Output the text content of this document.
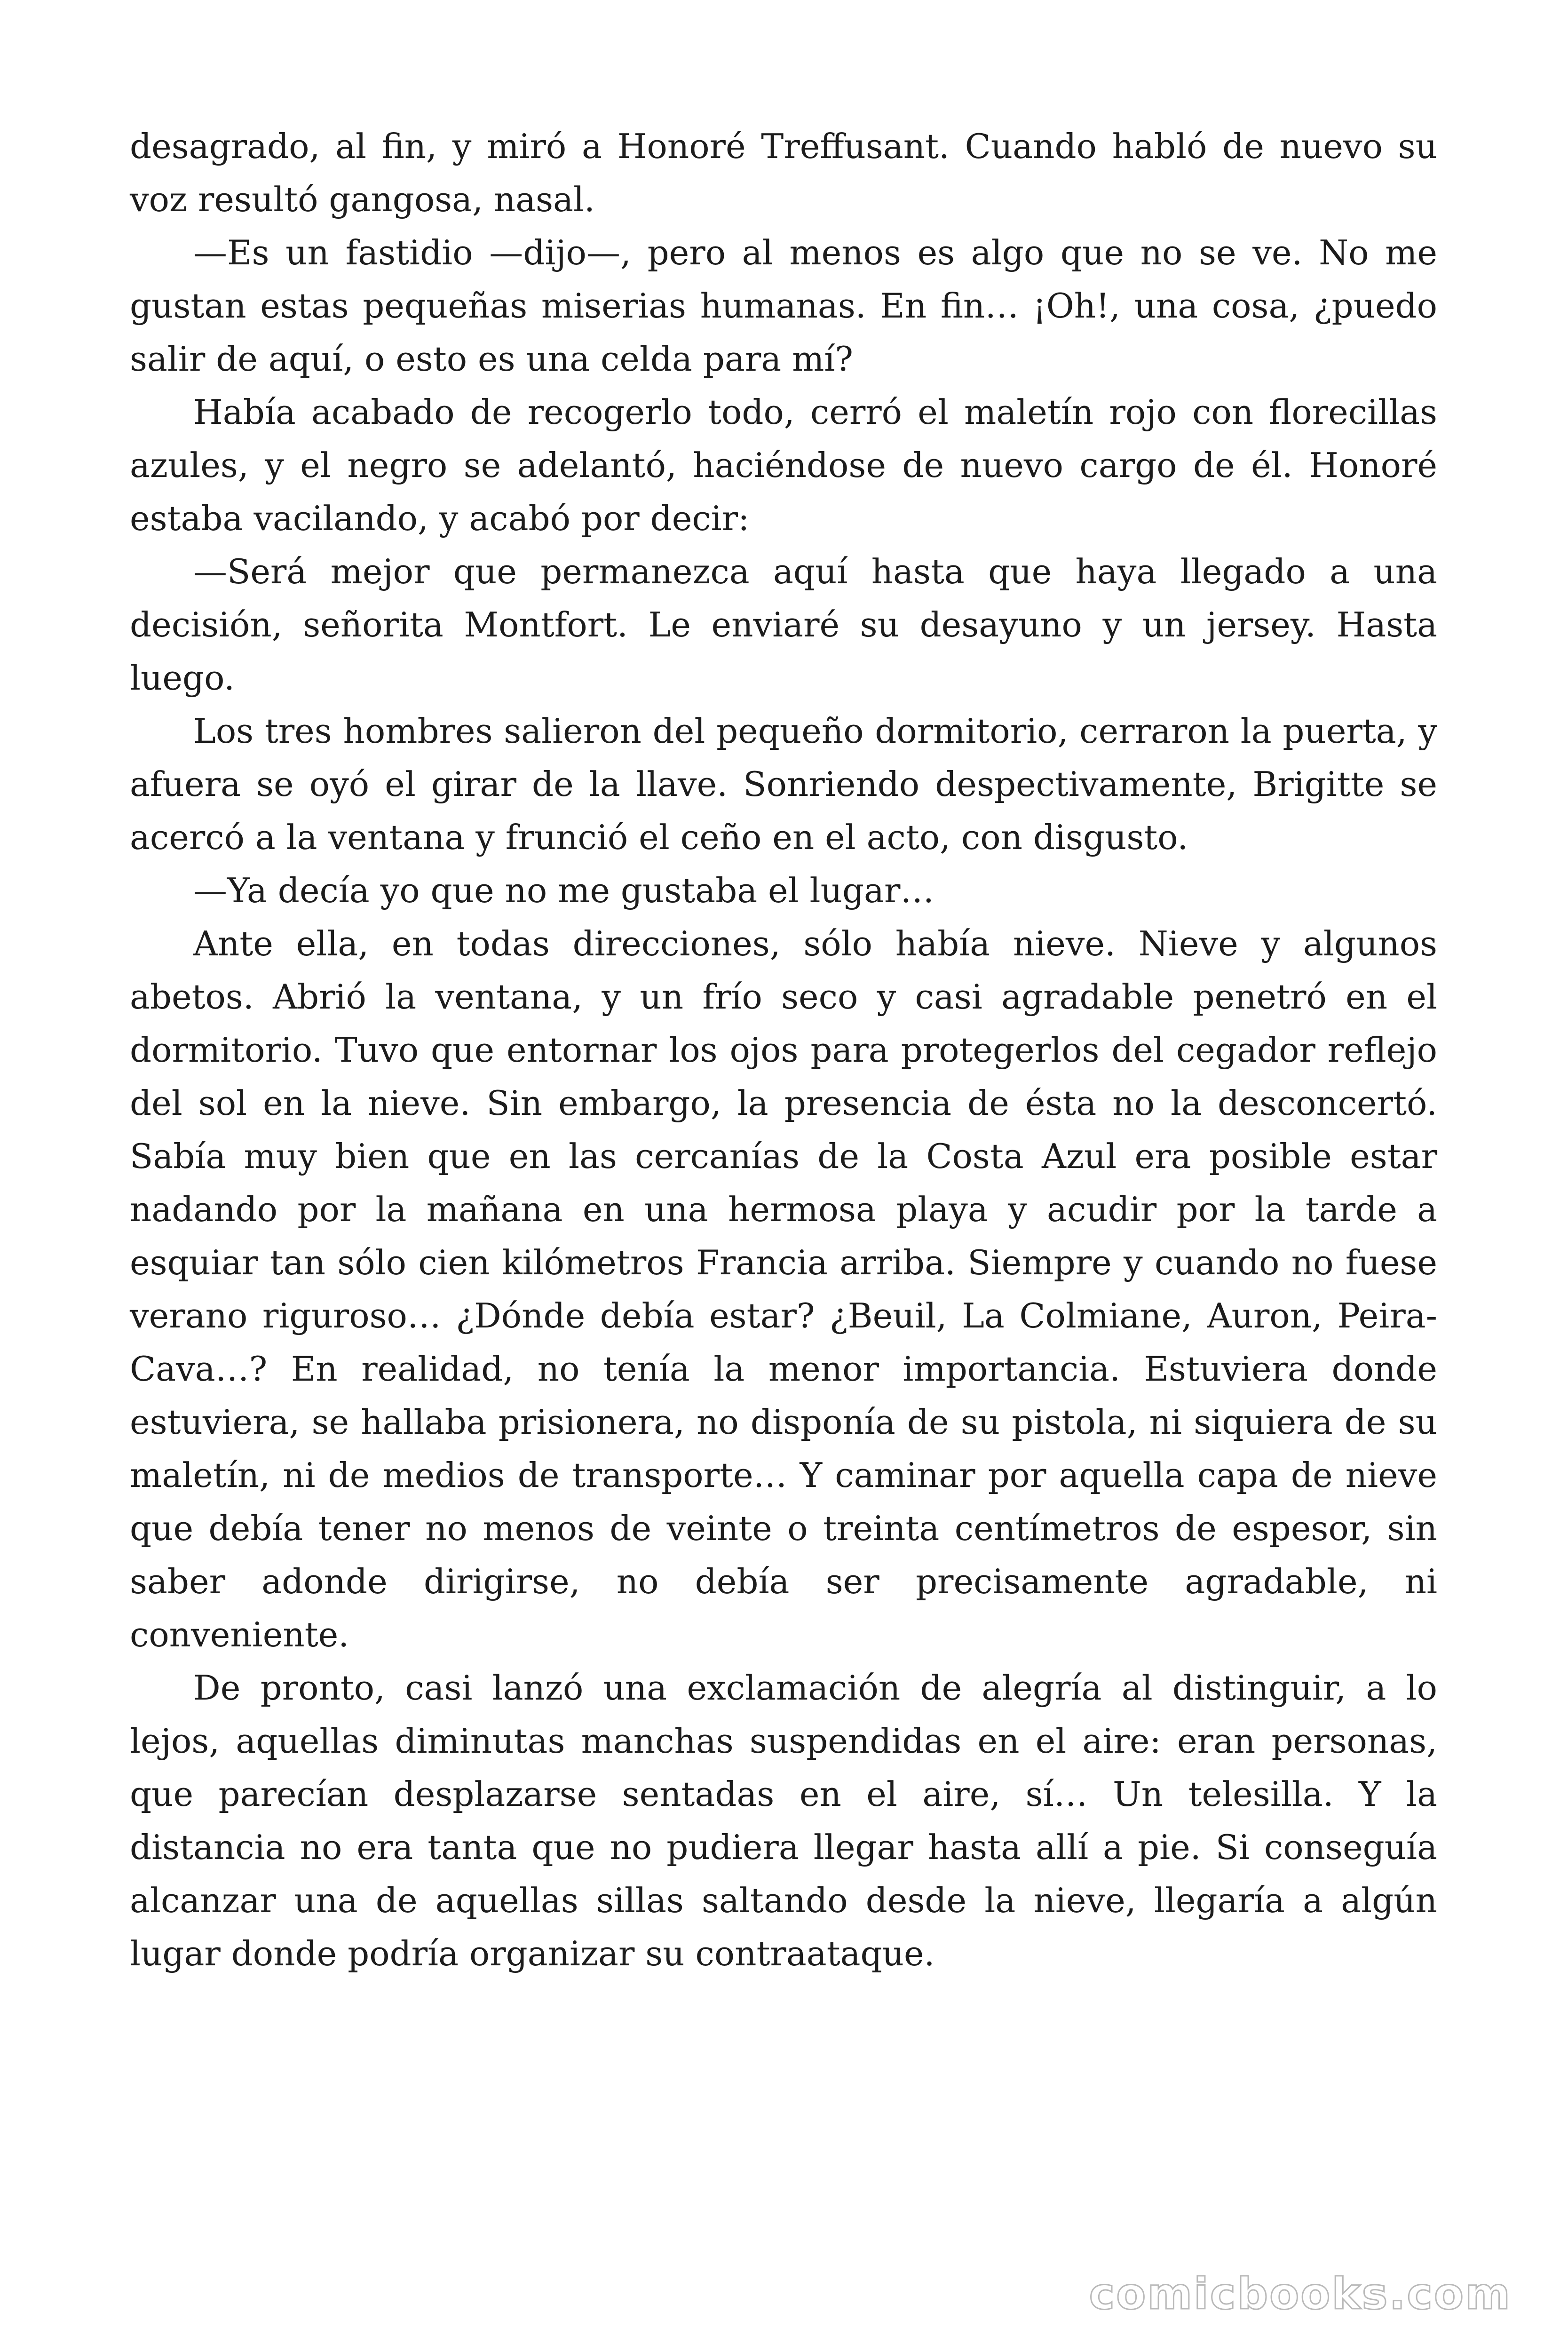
desagrado, al fin, y miró a Honoré Treffusant. Cuando habló de nuevo su voz resultó gangosa, nasal.

—Es un fastidio —dijo—, pero al menos es algo que no se ve. No me gustan estas pequeñas miserias humanas. En fin… ¡Oh!, una cosa, ¿puedo salir de aquí, o esto es una celda para mí?

Había acabado de recogerlo todo, cerró el maletín rojo con florecillas azules, y el negro se adelantó, haciéndose de nuevo cargo de él. Honoré estaba vacilando, y acabó por decir:

—Será mejor que permanezca aquí hasta que haya llegado a una decisión, señorita Montfort. Le enviaré su desayuno y un jersey. Hasta luego.

Los tres hombres salieron del pequeño dormitorio, cerraron la puerta, y afuera se oyó el girar de la llave. Sonriendo despectivamente, Brigitte se acercó a la ventana y frunció el ceño en el acto, con disgusto.

—Ya decía yo que no me gustaba el lugar…

Ante ella, en todas direcciones, sólo había nieve. Nieve y algunos abetos. Abrió la ventana, y un frío seco y casi agradable penetró en el dormitorio. Tuvo que entornar los ojos para protegerlos del cegador reflejo del sol en la nieve. Sin embargo, la presencia de ésta no la desconcertó. Sabía muy bien que en las cercanías de la Costa Azul era posible estar nadando por la mañana en una hermosa playa y acudir por la tarde a esquiar tan sólo cien kilómetros Francia arriba. Siempre y cuando no fuese verano riguroso… ¿Dónde debía estar? ¿Beuil, La Colmiane, Auron, Peira-Cava…? En realidad, no tenía la menor importancia. Estuviera donde estuviera, se hallaba prisionera, no disponía de su pistola, ni siquiera de su maletín, ni de medios de transporte… Y caminar por aquella capa de nieve que debía tener no menos de veinte o treinta centímetros de espesor, sin saber adonde dirigirse, no debía ser precisamente agradable, ni conveniente.

De pronto, casi lanzó una exclamación de alegría al distinguir, a lo lejos, aquellas diminutas manchas suspendidas en el aire: eran personas, que parecían desplazarse sentadas en el aire, sí… Un telesilla. Y la distancia no era tanta que no pudiera llegar hasta allí a pie. Si conseguía alcanzar una de aquellas sillas saltando desde la nieve, llegaría a algún lugar donde podría organizar su contraataque.

comicbooks.com
